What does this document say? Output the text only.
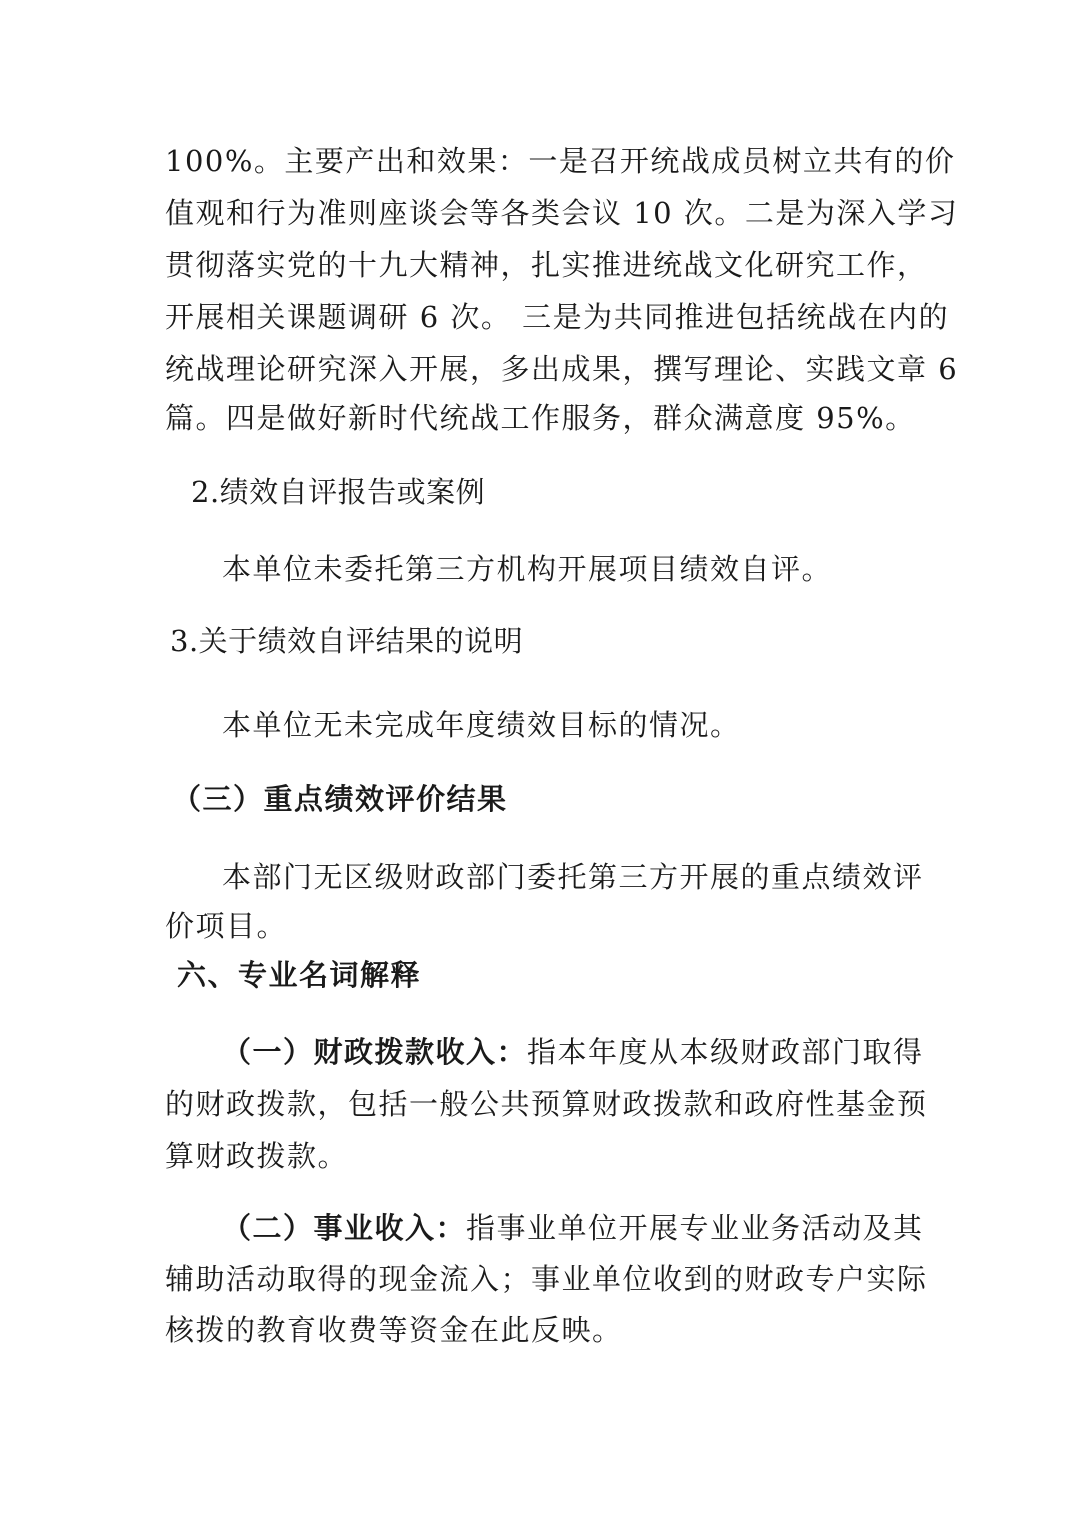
100%。主要产出和效果：一是召开统战成员树立共有的价
值观和行为准则座谈会等各类会议 10 次。二是为深入学习
贯彻落实党的十九大精神，扎实推进统战文化研究工作，
开展相关课题调研 6 次。 三是为共同推进包括统战在内的
统战理论研究深入开展，多出成果，撰写理论、实践文章 6
篇。四是做好新时代统战工作服务，群众满意度 95%。
2.绩效自评报告或案例
本单位未委托第三方机构开展项目绩效自评。
3.关于绩效自评结果的说明
本单位无未完成年度绩效目标的情况。
（三）重点绩效评价结果
本部门无区级财政部门委托第三方开展的重点绩效评
价项目。
六、专业名词解释
（一）财政拨款收入：指本年度从本级财政部门取得
的财政拨款，包括一般公共预算财政拨款和政府性基金预
算财政拨款。
（二）事业收入：指事业单位开展专业业务活动及其
辅助活动取得的现金流入；事业单位收到的财政专户实际
核拨的教育收费等资金在此反映。
